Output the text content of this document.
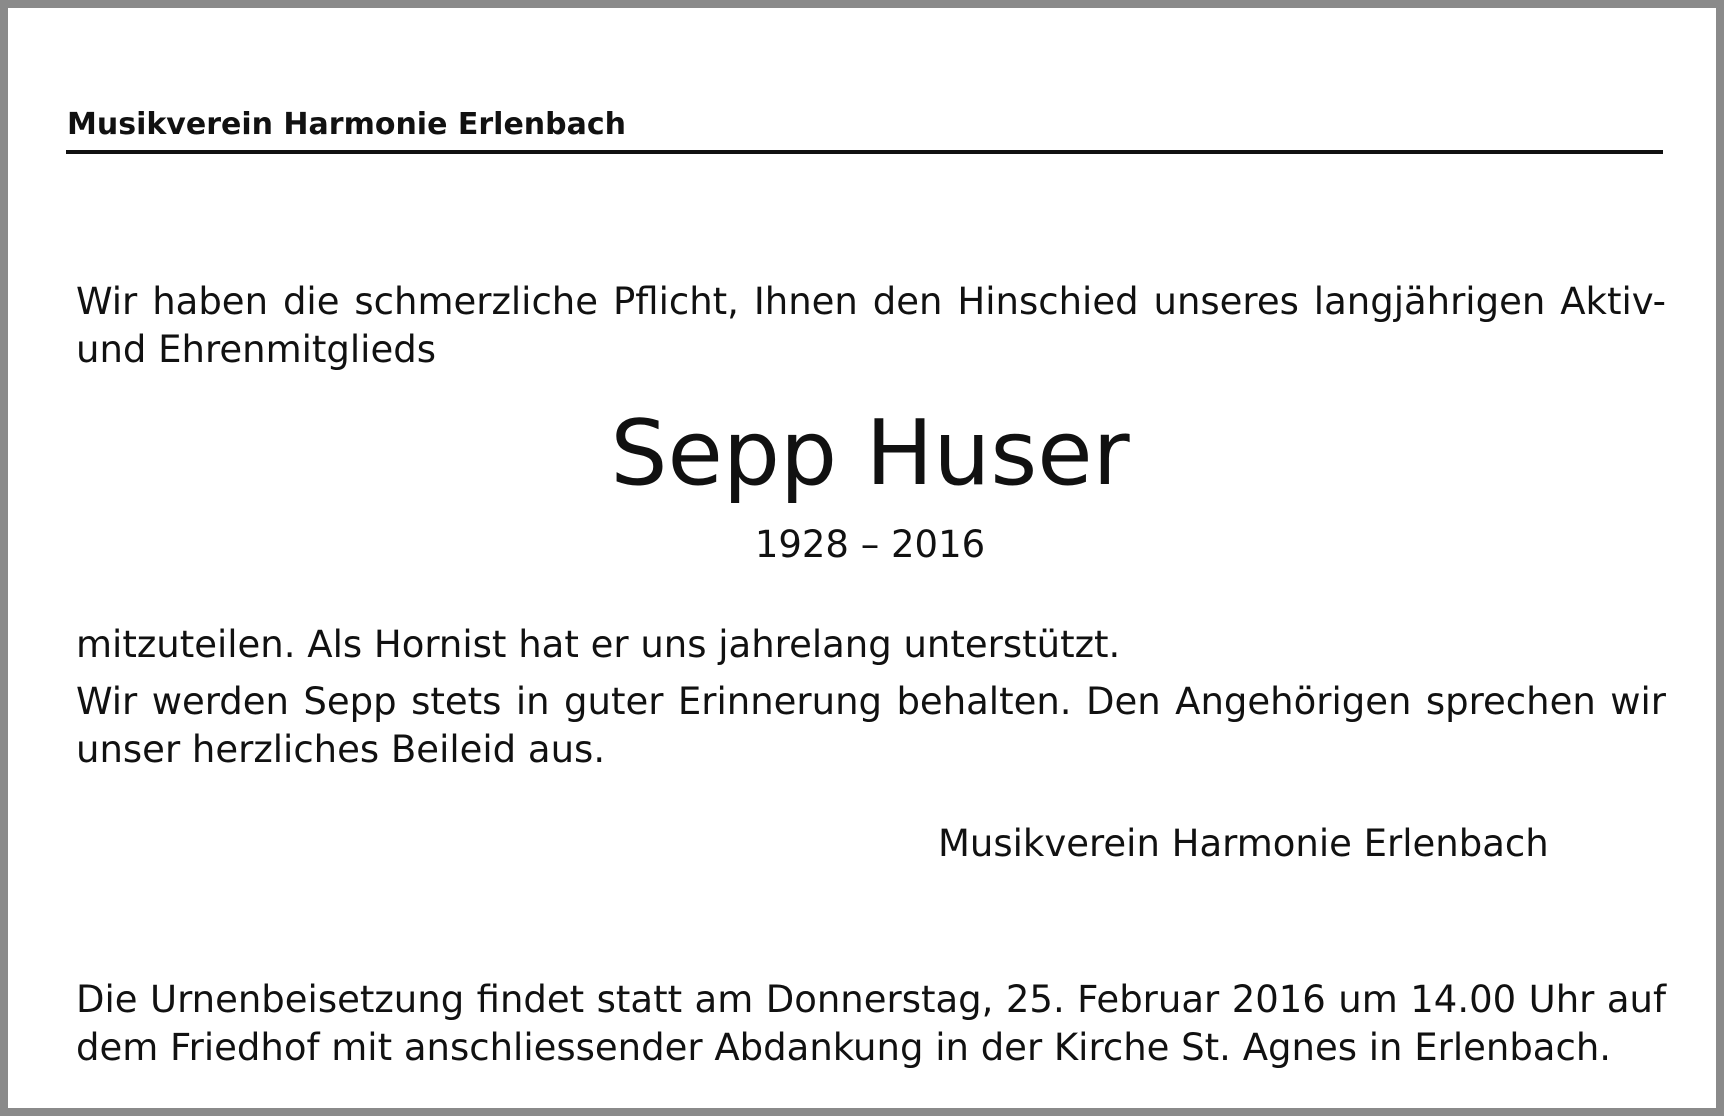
Musikverein Harmonie Erlenbach
Wir haben die schmerzliche Pflicht, Ihnen den Hinschied unseres langjährigen Aktiv- und Ehrenmitglieds
Sepp Huser
1928 – 2016
mitzuteilen. Als Hornist hat er uns jahrelang unterstützt.
Wir werden Sepp stets in guter Erinnerung behalten. Den Angehörigen sprechen wir unser herzliches Beileid aus.
Musikverein Harmonie Erlenbach
Die Urnenbeisetzung findet statt am Donnerstag, 25. Februar 2016 um 14.00 Uhr auf dem Friedhof mit anschliessender Abdankung in der Kirche St. Agnes in Erlenbach.
